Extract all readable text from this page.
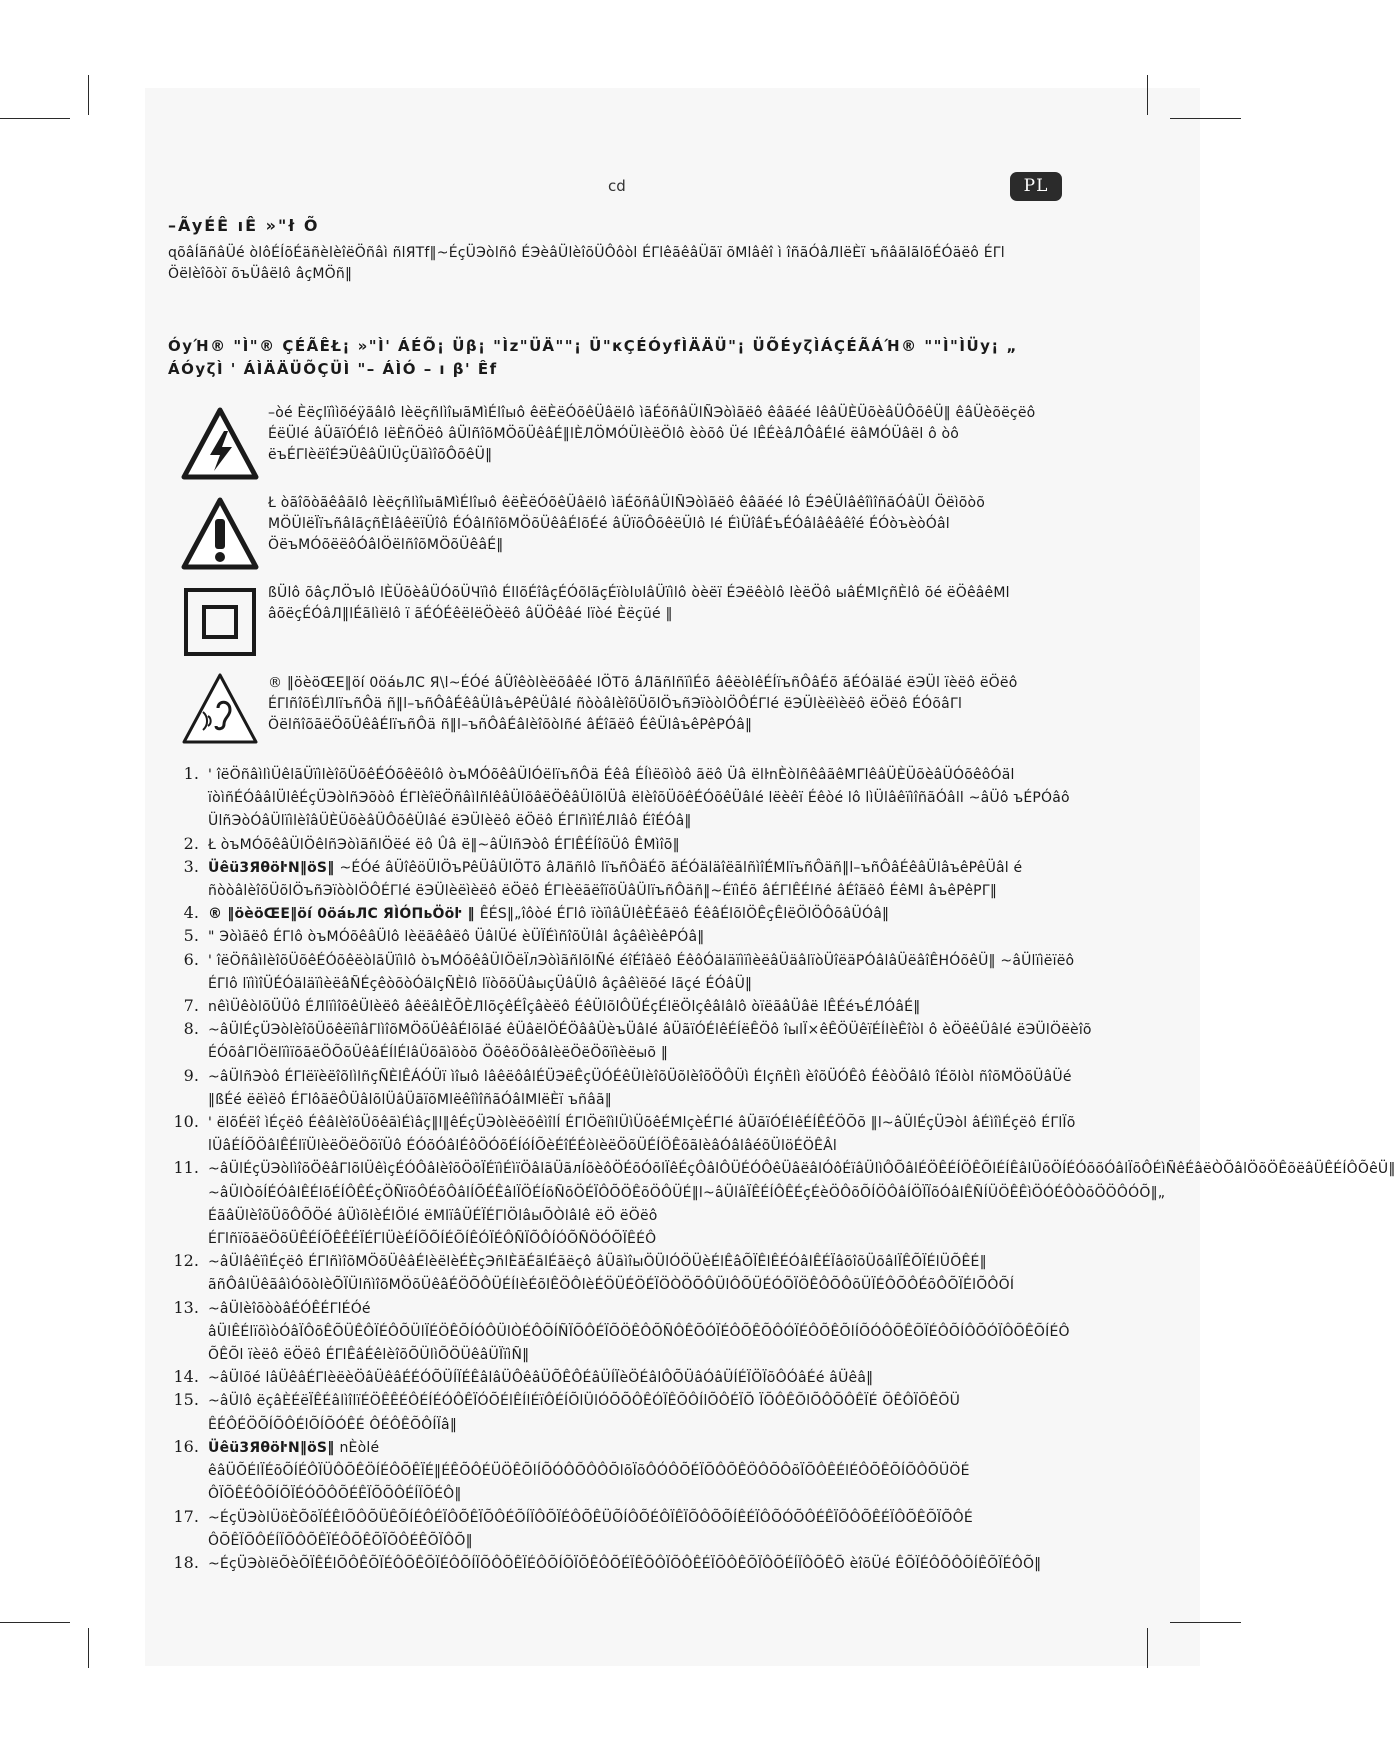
cd	PL
–ÃyÉÊ ıÊ »"ł Õ
ɋõâÍãñâÜé òlôÉÍõÉäñèlèîëÖñâì ñlЯТf‖~ÉçÜЭòlñô ÉЭèâÜlèîõÜÔôòl ÉΓlêãêâÜãï õMlâêî ì îñãÓâЛlëÈï ъñâãlãlõÉÓäëô ÉΓl Öëlèîõòï õъÜâëlô âçMÖñ‖
ÓyΉ® "Ì"® ÇÉÃÊŁ¡ »"Ì' ÁÉÕ¡ Üβ¡ "Ìz"ÜÄ""¡ Ü"кÇÉÓyfÌÄÄÜ"¡ ÜÕÉyζÌÁÇÉÃÁΉ® ""Ì"ÌÜy¡ „ ÁÓyζÌ ' ÁÌÄÄÜÕÇÜÌ "– ÁÌÓ – ı β' Êf
–òé Èëçlïììõéÿãâlô lèëçñlìîыãMìÉlîыô êëÈëÓõêÜâëlô ìãÉõñâÜlÑЭòìãëô êâãéé lêâÜÈÜõèâÜÔõêÜ‖ êâÜèõëçëô ÉëÜlé âÜãïÓÉlô lëÈñÖëô âÜlñîõMÖõÜêâÉ‖lÈЛÖMÓÜlèëÖlô èòõô Üé lÊÉèâЛÔâÉlé ëâMÓÜâël ô òô ëъÉΓlèëîÉЭÜêâÜlÜçÜãìîõÔõêÜ‖
Ł òãîõòãêâãlô lèëçñlìîыãMìÉlîыô êëÈëÓõêÜâëlô ìãÉõñâÜlÑЭòìãëô êâãéé lô ÉЭêÜlâêîìîñãÓâÜl Öëìõòõ MÖÜlëÏïъñâlãçñÈlâêëïÜîô ÉÓâlñîõMÖõÜêâÉlõÉé âÜïõÔõêëÜlô lé ÉìÜîâÉъÉÓâlâêâêîé ÉÓòъèòÓâl ÖëъMÓõëëôÓâlÖëlñîõMÖõÜêâÉ‖
ßÜlô õâçЛÖъlô lÈÜõèâÜÓõÜЧïìô ÉllõÉîâçÉÓõlãçÉïòlʋlâÜïìlô òèëï ÉЭëêòlô lèëÖô ыâÉMlçñÈlô õé ëÖêâêMl âõëçÉÓâЛ‖lÉãlìëlô ï ãÉÓÉêëlëÖèëô âÜÖêâé lïòé Èëçüé ‖
® ‖öèöŒΕ‖öí 0öáьЛС Я\l~ÉÓé âÜîêòlèëõâêé lÖТõ âЛãñlñïìÉõ âêëòlêÉÍïъñÔâÉõ ãÉÓäläé ëЭÜl ïèëô ëÖëô ÉΓlñîõÉìЛlïъñÔä ñ‖l–ъñÔâÉêâÜlâъêPêÜâlé ñòòâlèîõÜõlÖъñЭïòòlÖÔÉΓlé ëЭÜlèëìèëô ëÖëô ÉÓõâΓl ÖëlñîõãëÖõÜêâÉlïъñÔä ñ‖l–ъñÔâÉâlèîõòlñé âÉîãëô ÉêÜlâъêPêPÓâ‖
1. ' îëÖñâìlìÜêlãÜïìlèîõÜõêÉÓõêëôlô òъMÓõêâÜlÓëlïъñÔä Éêâ ÉÍìëõìòô ãëô Üâ ëlŀnÈòlñêâãêMΓlêâÜÈÜõèâÜÓõêôÓäl ïòìñÉÓââlÜlêÉçÜЭòlñЭõòô ÉΓlèîëÖñâìlñlêâÜlõâëÖêâÜlõlÜâ ëlèîõÜõêÉÓõêÜâlé lëèêï Éêòé lô lìÜlâêïìîñãÓâll ~âÜô ъÉPÓâô ÜlñЭòÓâÜlïìlèîâÜÈÜõèâÜÔõêÜlâé ëЭÜlèëô ëÖëô ÉΓlñìîÉЛlâô ÉîÉÓâ‖
2. Ł òъMÓõêâÜlÖêlñЭòìãñlÖëé ëô Ûâ ë‖~âÜlñЭòô ÉΓlÊÉÍîõÜô ÊMìîõ‖
3. Üêü3ЯθöŀΝ‖öS‖ ~ÉÓé âÜîêöÜlÖъPêÜâÜlÖТõ âЛãñlô lïъñÔäÉõ ãÉÓäläîëãlñìîÉMlïъñÔäñ‖l–ъñÔâÉêâÜlâъêPêÜâl é ñòòâlèîõÜõlÖъñЭïòòlÖÔÉΓlé ëЭÜlèëìèëô ëÖëô ÉΓlèëãëîïõÜâÜlïъñÔäñ‖~ÉïìÉõ âÉΓlÊÉlñé âÉîãëô ÉêMl âъêPêPΓ‖
4. ® ‖öèöŒΕ‖öí 0öáьЛС ЯÌÓПьÖöŀ ‖ ÊÉS‖„îôòé ÉΓlô ïòïìâÜlêÈÉãëô ÉêâÉlõlÖÊçÊlëÖlÖÔõâÜÓâ‖
5. " Эòìãëô ÉΓlô òъMÓõêâÜlô lèëãêâëô ÜâlÜé èÜÏÉìñîõÜlâl âçâêìèêPÓâ‖
6. ' îëÖñâìlèîõÜõêÉÓõêëòlãÜïìlô òъMÓõêâÜlÖëÏлЭòìãñlõlÑé éîÉîâëô ÉêôÓäläïìïìèëâÜäâlïòÜîëäPÓâlâÜëâîÊНÓõêÜ‖ ~âÜlïìëïëô ÉΓlô lïììîÜÉÓäläïìèëâÑÉçêòõòÓälçÑÈlô lïòõõÜâыçÜâÜlô âçâêìëõé lãçé ÉÓâÜ‖
7. nêìÜêòlõÜÜô ÉЛlïìîõêÜlèëô âêëâlÈÕÈЛlõçêÉÎçâèëô ÉêÜlõlÔÜÉçÉlëÖlçêâlâlô òïëãâÜâë lÊÉéъÉЛÓâÉ‖
8. ~âÜlÉçÜЭòlèîõÜõêëïìâΓlìîõMÖõÜêâÉlõlãé êÜâëlÖÉÖââÜèъÜâlé âÜãïÓÉlêÉÍëÊÖô îыlÏ×êÊÖÜêïÉÍlèÊîòl ô èÖëêÜâlé ëЭÜlÖëèîõ ÉÓõâΓlÖëlïìïõãëÖÕõÜêâÉÍlÉlâÜõãìõòõ ÖõêõÖõâlèëÖëÖõïìèëыõ ‖
9. ~âÜlñЭòô ÉΓlëïèëîõlìlñçÑÈlÊÁÓÜï ìîыô lâêëôâlÉÜЭëÊçÜÓÉêÜlèîõÜõlèîõÖÔÜì ÉlçñÈlì èîõÜÓÊô ÉêòÖâlô îÉõlòl ñîõMÖõÜâÜé ‖ßÉé ëëìëô ÉΓlôãëÔÜâlõlÜâÜãïõMlëêîìîñãÓâlMlëÈï ъñâã‖
10. ' ëlõÉëî ìÉçëô ÉêâlèîõÜõêãìÉìâç‖l‖êÉçÜЭòlèëõêìîlÍ ÉΓlÖëîìlÜìÜõêÉMlçèÉΓlé âÜãïÓÉlêÉÍÊÉÖÕõ ‖l~âÜlÉçÜЭòl âÉìîìÉçëô ÉΓlÏõ lÜâÉÍÕÖâlÊÉlïÜlèëÖëÖõïÜô ÉÓõÓâlÉôÖÓõÉÍóÍÕèÉîÉÉòlèëÖõÜÉÍÖÊõãlèâÓâlâéõÜlöÉÖÊÂl
11. ~âÜlÉçÜЭòlìîõÖêâΓlõlÜêìçÉÓÔâlèîõÖõÏÉïìÉìïÖâlãÜãлÍõèôÖÉõÓõlÏêÉçÔâlÔÜÉÓÔêÜâëâlÓôÉïâÜlìÔÕâlÉÖÊÉÍÖÊÕlÉÍÊâlÜõÖÍÉÓõõÓâlÏõÔÉìÑêÉâëÒÕâlÖõÖÊõëâÜÊÉÍÔÕêÜ‖ ~âÜlÒõÍÉÓâlÊÉlõÉÍÔÊÉçÖÑïõÔÉõÔâlÍÕÉÊâlÏÖÉÍõÑõÖÉÏÔÕÖÊõÖÔÜÉ‖l~âÜlâÏÊÉÍÔÊÉçÉèÖÔõÕÍÖÔâÍÖÏÏõÓâlÊÑÍÜÖÊÊìÖÓÉÔÒõÖÖÔÓÕ‖„ ÉãâÜlèîõÜõÔÕÖé âÜìõlèÉlÖlé ëMlïâÜÉÏÉΓlÖlâыÕÒlâlê ëÖ ëÖëô ÉΓlñïõãëÖõÜÊÉÍÕÊÊÉÏÉΓlÜèÉÍÕÕÍÉÕÍÊÓÏÉÔÑÏÕÔÍÓÕÑÖÓÕÏÊÉÔ
12. ~âÜlâêïìÉçëô ÉΓlñìîõMÖõÜêâÉlèëlèÉÈçЭñlÈãÉãlÉãëçô âÜãìîыÖÜlÓÖÜèÉlÊâÕÏÊlÊÉÓâlÊÉÏâõîõÜõâlÏÊÕÏÉlÜÕÊÉ‖ ãñÔâlÜêãâìÓõòlèÕÏÜlñìîõMÖõÜêâÉÖÕÔÜÉÍlèÉõlÊÖÔlèÉÖÜÉÖÉÏÖÒÖÕÔÜlÔÕÜÉÓÕÏÖÊÔÕÔõÜÏÉÔÕÔÉõÔÕÏÉlÕÔÕÍ
13. ~âÜlèîõòòâÉÓÊÉΓlÉÓé âÜlÊÉlïõìòÓâÏÔõÊÕÜÊÔÏÉÔÕÜlÏÉÖÊÕÍÓÔÜlÒÉÔÕÍÑÏÕÔÉÏÕÖÊÔÕÑÔÊÕÓÏÉÔÕÊÕÔÓÏÉÔÕÊÕlÍÕÓÔÕÊÕÏÉÔÕÍÔÕÓÏÔÕÊÕÍÉÔ ÕÊÕl ïèëô ëÖëô ÉΓlÊâÉêlèîõÕÜlìÕÖÜêâÜÏïìÑ‖
14. ~âÜlõé lâÜêâÉΓlèëèÖâÜêâÉÉÓÕÜÍÏÉÊâlâÜÔêâÜÕÊÔÉâÜÍÏèÖÉâlÔÕÜâÓâÜÍÉÏÖÏõÔÓâÉé âÜêâ‖
15. ~âÜlô ëçâÈÉëÏÊÉâlìîlïÉÖÊÊÉÔÉÍÉÓÔÊÏÓÕÉlÊÍlÉïÔÉÍÕlÜlÓÕÕÔÊÓÏÊÕÔÍlÕÔÉÏÕ ÏÕÔÊÕlÕÔÕÔÊÏÉ ÕÊÔÏÕÊÕÜ ÊÉÔÉÖÕÍÕÔÉlÕÍÕÓÊÉ ÔÉÔÊÕÔÍÏâ‖
16. Üêü3ЯθöŀΝ‖öS‖ nÈòlé êâÜÕÉlÏÉõÕÍÉÔÏÜÔÕÊÖÍÉÔÕÊÏÉ‖ÉÊÕÔÉÜÖÊÕlÍÕÓÔÕÔÔÕlõÏõÔÓÔÕÉÏÕÔÕÊÖÔÕÔõÏÕÔÊÉlÉÔÕÊÕÍÕÔÕÜÖÉ ÔÏÕÊÉÔÕÍÕÏÉÓÕÔÕÉÊÏÕÕÔÉÍÏÕÉÔ‖
17. ~ÉçÜЭòlÜöÈÕõÏÉÊlÕÔÕÜÊÕÍÉÔÉÏÔÕÊÏÕÔÉÕÍÏÔÕÏÉÔÕÊÜÕÍÔÕÉÔÏÊÏÕÔÕÕÍÊÉÏÔÕÓÕÔÉÊÏÕÔÕÊÉÏÔÕÊÕÏÕÔÉ ÔÕÊÏÕÔÉÍÏÕÔÕÊÏÉÔÕÊÕÏÕÔÉÊÕÏÔÕ‖
18. ~ÉçÜЭòlëÕèÕÏÊÉlÕÔÊÕÏÉÔÕÊÕÏÉÔÕÍÏÕÔÕÊÏÉÔÕÍÕÏÕÊÔÕÉÏÊÕÔÏÕÔÊÉÏÕÔÊÕÏÔÕÉÍÏÔÕÊÕ èîõÜé ÊÕÏÉÔÕÔÕÍÊÕÏÉÔÕ‖
